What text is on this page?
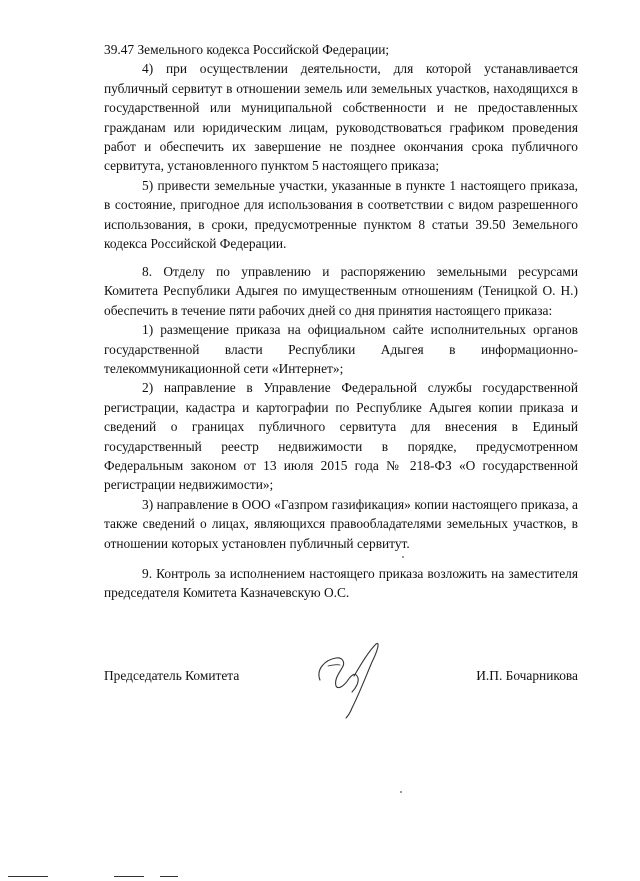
39.47 Земельного кодекса Российской Федерации;

4) при осуществлении деятельности, для которой устанавливается публичный сервитут в отношении земель или земельных участков, находящихся в государственной или муниципальной собственности и не предоставленных гражданам или юридическим лицам, руководствоваться графиком проведения работ и обеспечить их завершение не позднее окончания срока публичного сервитута, установленного пунктом 5 настоящего приказа;

5) привести земельные участки, указанные в пункте 1 настоящего приказа, в состояние, пригодное для использования в соответствии с видом разрешенного использования, в сроки, предусмотренные пунктом 8 статьи 39.50 Земельного кодекса Российской Федерации.

8. Отделу по управлению и распоряжению земельными ресурсами Комитета Республики Адыгея по имущественным отношениям (Теницкой О. Н.) обеспечить в течение пяти рабочих дней со дня принятия настоящего приказа:

1) размещение приказа на официальном сайте исполнительных органов государственной власти Республики Адыгея в информационно-телекоммуникационной сети «Интернет»;

2) направление в Управление Федеральной службы государственной регистрации, кадастра и картографии по Республике Адыгея копии приказа и сведений о границах публичного сервитута для внесения в Единый государственный реестр недвижимости в порядке, предусмотренном Федеральным законом от 13 июля 2015 года № 218-ФЗ «О государственной регистрации недвижимости»;

3) направление в ООО «Газпром газификация» копии настоящего приказа, а также сведений о лицах, являющихся правообладателями земельных участков, в отношении которых установлен публичный сервитут.

9. Контроль за исполнением настоящего приказа возложить на заместителя председателя Комитета Казначевскую О.С.

Председатель Комитета	И.П. Бочарникова
